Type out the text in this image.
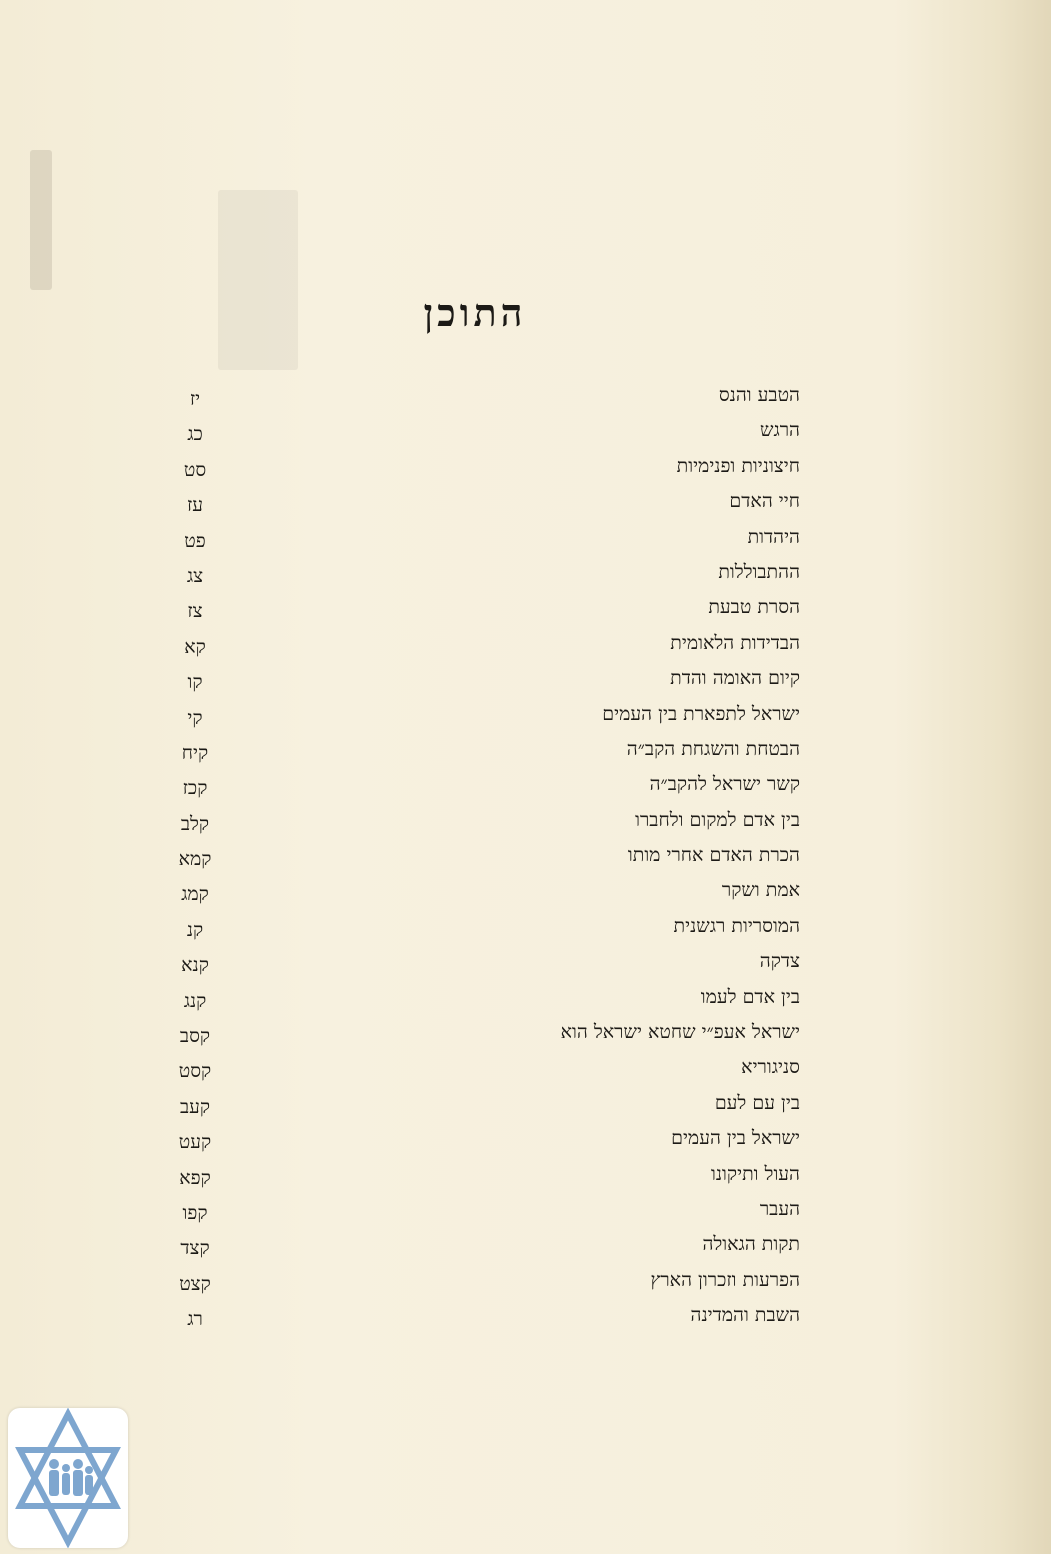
התוכן
הטבע והנס
יז
הרגש
כג
חיצוניות ופנימיות
סט
חיי האדם
עז
היהדות
פט
ההתבוללות
צג
הסרת טבעת
צז
הבדידות הלאומית
קא
קיום האומה והדת
קו
ישראל לתפארת בין העמים
קי
הבטחת והשגחת הקב״ה
קיח
קשר ישראל להקב״ה
קכז
בין אדם למקום ולחברו
קלב
הכרת האדם אחרי מותו
קמא
אמת ושקר
קמג
המוסריות רגשנית
קנ
צדקה
קנא
בין אדם לעמו
קנג
ישראל אעפ״י שחטא ישראל הוא
קסב
סניגוריא
קסט
בין עם לעם
קעב
ישראל בין העמים
קעט
העול ותיקונו
קפא
העבר
קפו
תקות הגאולה
קצד
הפרעות וזכרון הארץ
קצט
השבת והמדינה
רג
